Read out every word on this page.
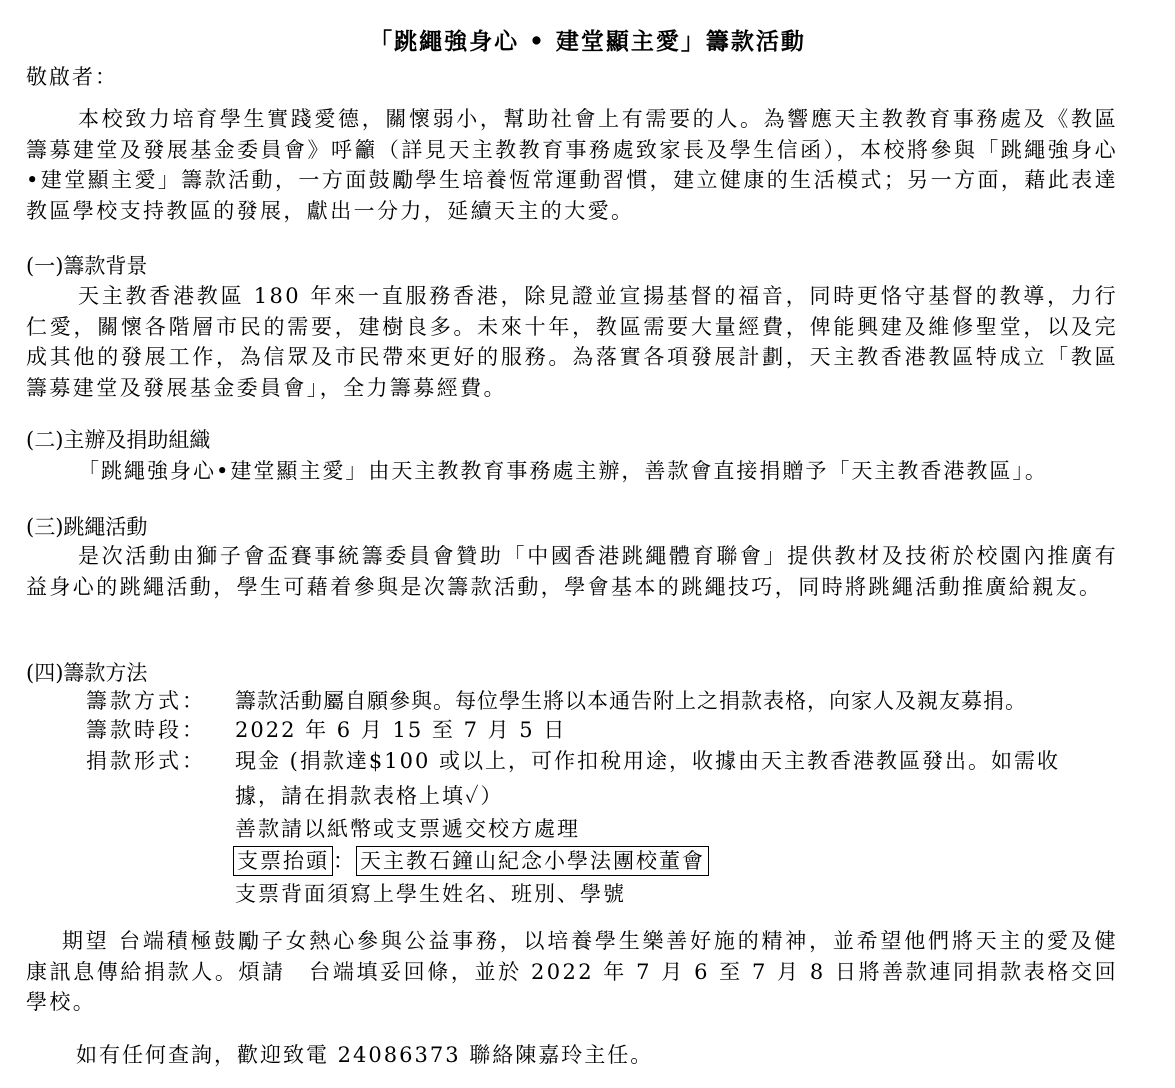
「跳繩強身心 • 建堂顯主愛」籌款活動
敬啟者：
本校致力培育學生實踐愛德，關懷弱小，幫助社會上有需要的人。為響應天主教教育事務處及《教區籌募建堂及發展基金委員會》呼籲（詳見天主教教育事務處致家長及學生信函），本校將參與「跳繩強身心•建堂顯主愛」籌款活動，一方面鼓勵學生培養恆常運動習慣，建立健康的生活模式；另一方面，藉此表達教區學校支持教區的發展，獻出一分力，延續天主的大愛。
(一)籌款背景
天主教香港教區 180 年來一直服務香港，除見證並宣揚基督的福音，同時更恪守基督的教導，力行仁愛，關懷各階層市民的需要，建樹良多。未來十年，教區需要大量經費，俾能興建及維修聖堂，以及完成其他的發展工作，為信眾及市民帶來更好的服務。為落實各項發展計劃，天主教香港教區特成立「教區籌募建堂及發展基金委員會」，全力籌募經費。
(二)主辦及捐助組織
「跳繩強身心•建堂顯主愛」由天主教教育事務處主辦，善款會直接捐贈予「天主教香港教區」。
(三)跳繩活動
是次活動由獅子會盃賽事統籌委員會贊助「中國香港跳繩體育聯會」提供教材及技術於校園內推廣有益身心的跳繩活動，學生可藉着參與是次籌款活動，學會基本的跳繩技巧，同時將跳繩活動推廣給親友。
(四)籌款方法
籌款方式： 籌款活動屬自願參與。每位學生將以本通告附上之捐款表格，向家人及親友募捐。
籌款時段： 2022 年 6 月 15 至 7 月 5 日
捐款形式： 現金 (捐款達$100 或以上，可作扣稅用途，收據由天主教香港教區發出。如需收
據，請在捐款表格上填✓）
善款請以紙幣或支票遞交校方處理
支票抬頭 ： 天主教石鐘山紀念小學法團校董會
支票背面須寫上學生姓名、班別、學號
期望 台端積極鼓勵子女熱心參與公益事務，以培養學生樂善好施的精神，並希望他們將天主的愛及健康訊息傳給捐款人。煩請　台端填妥回條，並於 2022 年 7 月 6 至 7 月 8 日將善款連同捐款表格交回學校。
如有任何查詢，歡迎致電 24086373 聯絡陳嘉玲主任。
